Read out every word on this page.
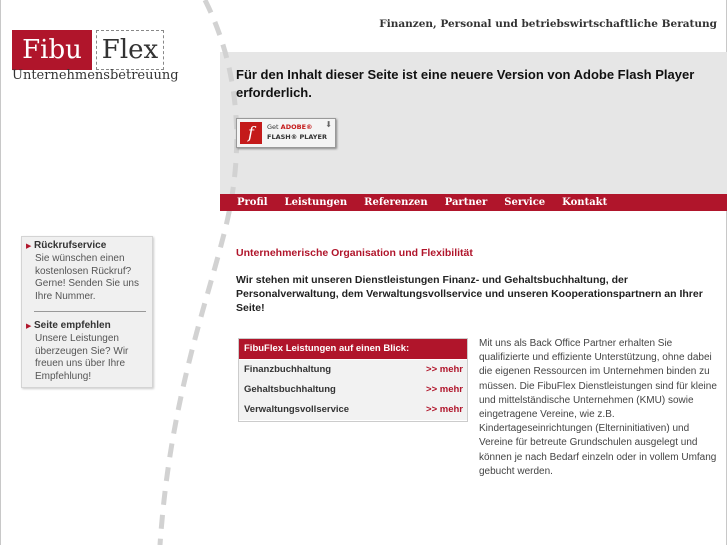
Fibu Flex
Unternehmensbetreuung
Finanzen, Personal und betriebswirtschaftliche Beratung
Für den Inhalt dieser Seite ist eine neuere Version von Adobe Flash Player erforderlich.
f	Get ADOBE®
FLASH® PLAYER
⬇
Profil Leistungen Referenzen Partner Service Kontakt
▶ Rückrufservice
Sie wünschen einen kostenlosen Rückruf? Gerne! Senden Sie uns Ihre Nummer.
▶ Seite empfehlen
Unsere Leistungen überzeugen Sie? Wir freuen uns über Ihre Empfehlung!
Unternehmerische Organisation und Flexibilität
Wir stehen mit unseren Dienstleistungen Finanz- und Gehaltsbuchhaltung, der Personalverwaltung, dem Verwaltungsvollservice und unseren Kooperationspartnern an Ihrer Seite!
FibuFlex Leistungen auf einen Blick:
Finanzbuchhaltung	>> mehr
Gehaltsbuchhaltung	>> mehr
Verwaltungsvollservice	>> mehr
Mit uns als Back Office Partner erhalten Sie qualifizierte und effiziente Unterstützung, ohne dabei die eigenen Ressourcen im Unternehmen binden zu müssen. Die FibuFlex Dienstleistungen sind für kleine und mittelständische Unternehmen (KMU) sowie eingetragene Vereine, wie z.B. Kindertageseinrichtungen (Elterninitiativen) und Vereine für betreute Grundschulen ausgelegt und können je nach Bedarf einzeln oder in vollem Umfang gebucht werden.
